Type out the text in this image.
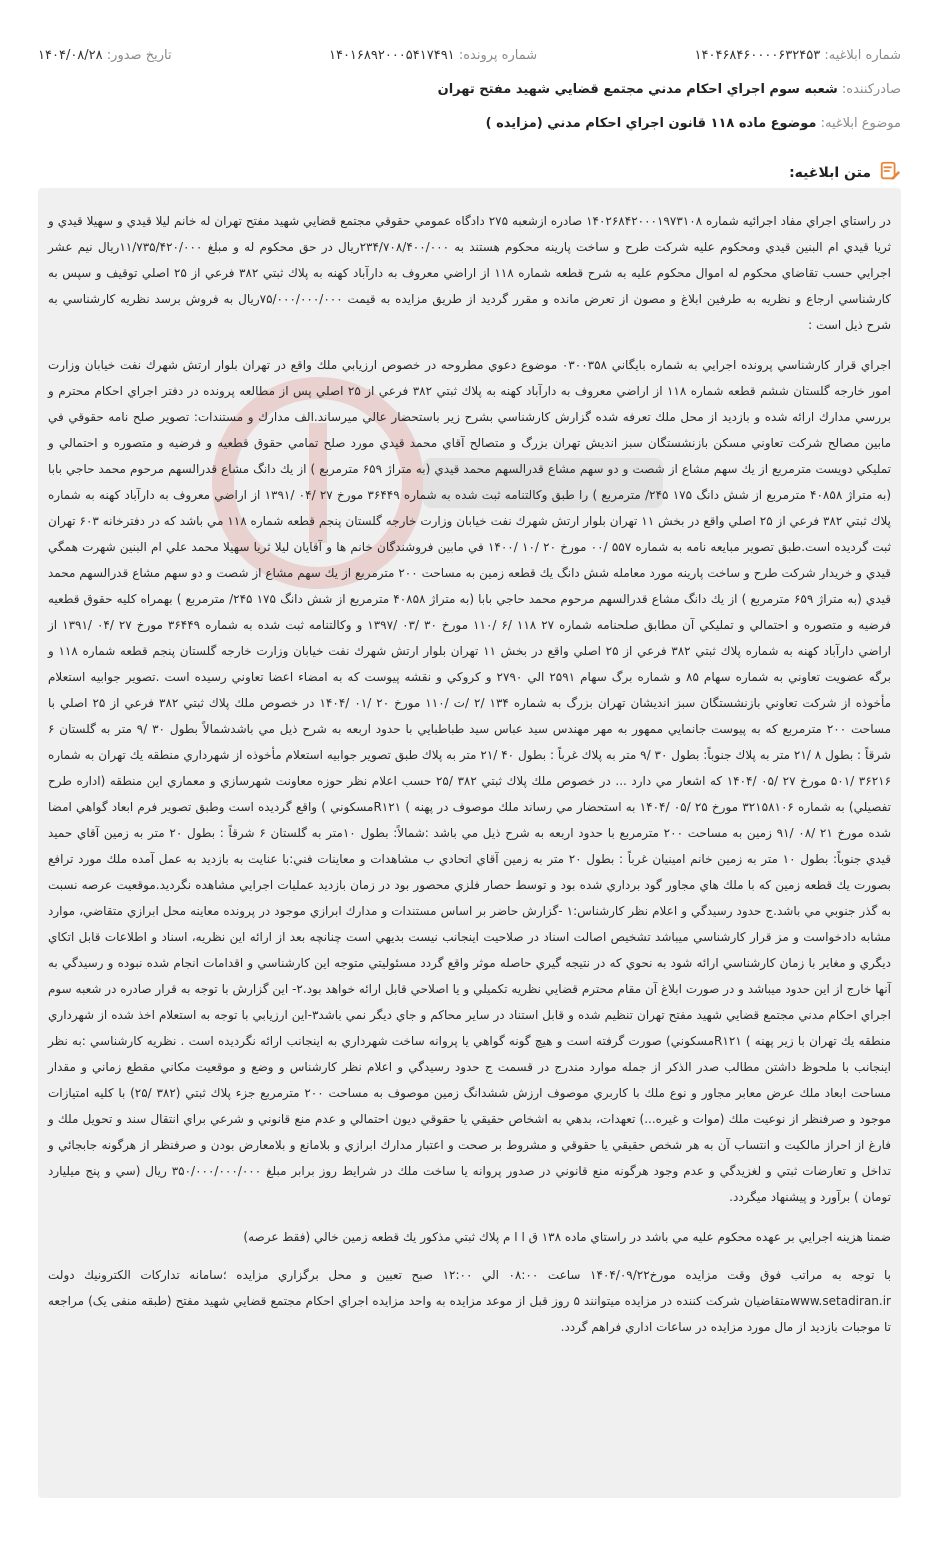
شماره ابلاغيه: ۱۴۰۴۶۸۴۶۰۰۰۰۶۳۲۴۵۳
شماره پرونده: ۱۴۰۱۶۸۹۲۰۰۰۵۴۱۷۴۹۱
تاريخ صدور: ۱۴۰۴/۰۸/۲۸
صادرکننده: شعبه سوم اجراي احكام مدني مجتمع قضايي شهيد مفتح تهران
موضوع ابلاغیه: موضوع ماده ۱۱۸ قانون اجراي احكام مدني (مزايده )
متن ابلاغیه:

در راستاي اجراي مفاد اجرائيه شماره ۱۴۰۲۶۸۴۲۰۰۰۱۹۷۳۱۰۸ صادره ازشعبه ۲۷۵ دادگاه عمومي حقوقي مجتمع قضايي شهيد مفتح تهران له خانم ليلا قيدي و سهيلا قيدي و ثريا قيدي ام البنين قيدي ومحكوم عليه شركت طرح و ساخت پارينه محكوم هستند به ۲۳۴/۷۰۸/۴۰۰/۰۰۰ريال در حق محكوم له و مبلغ ۱۱/۷۳۵/۴۲۰/۰۰۰ريال نيم عشر اجرايي حسب تقاضاي محكوم له اموال محكوم عليه به شرح قطعه شماره ۱۱۸ از اراضي معروف به دارآباد كهنه به پلاك ثبتي ۳۸۲ فرعي از ۲۵ اصلي توقيف و سپس به كارشناسي ارجاع و نظريه به طرفين ابلاغ و مصون از تعرض مانده و مقرر گرديد از طريق مزايده به قيمت ۷۵/۰۰۰/۰۰۰/۰۰۰ريال به فروش برسد نظريه كارشناسي به شرح ذيل است :

اجراي قرار كارشناسي پرونده اجرايي به شماره بايگاني ۰۳۰۰۳۵۸ موضوع دعوي مطروحه در خصوص ارزيابي ملك واقع در تهران بلوار ارتش شهرك نفت خيابان وزارت امور خارجه گلستان ششم قطعه شماره ۱۱۸ از اراضي معروف به دارآباد كهنه به پلاك ثبتي ۳۸۲ فرعي از ۲۵ اصلي پس از مطالعه پرونده در دفتر اجراي احكام محترم و بررسي مدارك ارائه شده و بازديد از محل ملك تعرفه شده گزارش كارشناسي بشرح زير باستحضار عالي ميرساند.الف مدارك و مستندات: تصوير صلح نامه حقوقي في مابين مصالح شركت تعاوني مسكن بازنشستگان سبز انديش تهران بزرگ و متصالح آقاي محمد قيدي مورد صلح تمامي حقوق قطعيه و فرضيه و متصوره و احتمالي و تمليكي دويست مترمربع از يك سهم مشاع از شصت و دو سهم مشاع قدرالسهم محمد قيدي (به متراژ ۶۵۹ مترمربع ) از يك دانگ مشاع قدرالسهم مرحوم محمد حاجي بابا (به متراژ ۴۰۸۵۸ مترمربع از شش دانگ ۱۷۵ ۲۴۵/ مترمربع ) را طبق وكالتنامه ثبت شده به شماره ۳۶۴۴۹ مورخ ۲۷ /۰۴ /۱۳۹۱ از اراضي معروف به دارآباد كهنه به شماره پلاك ثبتي ۳۸۲ فرعي از ۲۵ اصلي واقع در بخش ۱۱ تهران بلوار ارتش شهرك نفت خيابان وزارت خارجه گلستان پنجم قطعه شماره ۱۱۸ مي باشد كه در دفترخانه ۶۰۳ تهران ثبت گرديده است.طبق تصوير مبايعه نامه به شماره ۵۵۷ /۰۰ مورخ ۲۰ /۱۰ /۱۴۰۰ في مابين فروشندگان خانم ها و آقايان ليلا ثريا سهيلا محمد علي ام البنين شهرت همگي قيدي و خريدار شركت طرح و ساخت پارينه مورد معامله شش دانگ يك قطعه زمين به مساحت ۲۰۰ مترمربع از يك سهم مشاع از شصت و دو سهم مشاع قدرالسهم محمد قيدي (به متراژ ۶۵۹ مترمربع ) از يك دانگ مشاع قدرالسهم مرحوم محمد حاجي بابا (به متراژ ۴۰۸۵۸ مترمربع از شش دانگ ۱۷۵ ۲۴۵/ مترمربع ) بهمراه كليه حقوق قطعيه فرضيه و متصوره و احتمالي و تمليكي آن مطابق صلحنامه شماره ۲۷ ۱۱۸ /۶ /۱۱۰ مورخ ۳۰ /۰۳ /۱۳۹۷ و وكالتنامه ثبت شده به شماره ۳۶۴۴۹ مورخ ۲۷ /۰۴ /۱۳۹۱ از اراضي دارآباد كهنه به شماره پلاك ثبتي ۳۸۲ فرعي از ۲۵ اصلي واقع در بخش ۱۱ تهران بلوار ارتش شهرك نفت خيابان وزارت خارجه گلستان پنجم قطعه شماره ۱۱۸ و برگه عضويت تعاوني به شماره سهام ۸۵ و شماره برگ سهام ۲۵۹۱ الي ۲۷۹۰ و كروكي و نقشه پيوست كه به امضاء اعضا تعاوني رسيده است .تصوير جوابيه استعلام مأخوذه از شركت تعاوني بازنشستگان سبز انديشان تهران بزرگ به شماره ۱۳۴ /۲ /ت /۱۱۰ مورخ ۲۰ /۰۱ /۱۴۰۴ در خصوص ملك پلاك ثبتي ۳۸۲ فرعي از ۲۵ اصلي با مساحت ۲۰۰ مترمربع كه به پيوست جانمايي ممهور به مهر مهندس سيد عباس سيد طباطبايي با حدود اربعه به شرح ذيل مي باشدشمالاً بطول ۳۰ /۹ متر به گلستان ۶ شرقاً : بطول ۸ /۲۱ متر به پلاك جنوباً: بطول ۳۰ /۹ متر به پلاك غرباً : بطول ۴۰ /۲۱ متر به پلاك طبق تصوير جوابيه استعلام مأخوذه از شهرداري منطقه يك تهران به شماره ۳۶۲۱۶ /۵۰۱ مورخ ۲۷ /۰۵ /۱۴۰۴ كه اشعار مي دارد ... در خصوص ملك پلاك ثبتي ۳۸۲ /۲۵ حسب اعلام نظر حوزه معاونت شهرسازي و معماري اين منطقه (اداره طرح تفصيلي) به شماره ۳۲۱۵۸۱۰۶ مورخ ۲۵ /۰۵ /۱۴۰۴ به استحضار مي رساند ملك موصوف در پهنه ) R۱۲۱مسكوني ) واقع گرديده است وطبق تصوير فرم ابعاد گواهي امضا شده مورخ ۲۱ /۰۸ /۹۱ زمين به مساحت ۲۰۰ مترمربع با حدود اربعه به شرح ذيل مي باشد :شمالاً: بطول ۱۰متر به گلستان ۶ شرقاً : بطول ۲۰ متر به زمين آقاي حميد قيدي جنوباً: بطول ۱۰ متر به زمين خانم امينيان غرباً : بطول ۲۰ متر به زمين آقاي اتحادي ب مشاهدات و معاينات فني:با عنايت به بازديد به عمل آمده ملك مورد ترافع بصورت يك قطعه زمين كه با ملك هاي مجاور گود برداري شده بود و توسط حصار فلزي محصور بود در زمان بازديد عمليات اجرايي مشاهده نگرديد.موقعيت عرصه نسبت به گذر جنوبي مي باشد.ج حدود رسيدگي و اعلام نظر كارشناس:۱ -گزارش حاضر بر اساس مستندات و مدارك ابرازي موجود در پرونده معاينه محل ابرازي متقاضي، موارد مشابه دادخواست و مز قرار كارشناسي ميباشد تشخيص اصالت اسناد در صلاحيت اينجانب نيست بديهي است چنانچه بعد از ارائه اين نظريه، اسناد و اطلاعات قابل اتكاي ديگري و مغاير با زمان كارشناسي ارائه شود به نحوي كه در نتيجه گيري حاصله موثر واقع گردد مسئوليتي متوجه اين كارشناسي و اقدامات انجام شده نبوده و رسيدگي به آنها خارج از اين حدود ميباشد و در صورت ابلاغ آن مقام محترم قضايي نظريه تكميلي و يا اصلاحي قابل ارائه خواهد بود.۲- اين گزارش با توجه به قرار صادره در شعبه سوم اجراي احكام مدني مجتمع قضايي شهيد مفتح تهران تنظيم شده و قابل استناد در ساير محاكم و جاي ديگر نمي باشد۳-اين ارزيابي با توجه به استعلام اخذ شده از شهرداري منطقه يك تهران با زير پهنه ) R۱۲۱مسكوني) صورت گرفته است و هيچ گونه گواهي يا پروانه ساخت شهرداري به اينجانب ارائه نگرديده است . نظريه كارشناسي :به نظر اينجانب با ملحوظ داشتن مطالب صدر الذكر از جمله موارد مندرج در قسمت ج حدود رسيدگي و اعلام نظر كارشناس و وضع و موقعيت مكاني مقطع زماني و مقدار مساحت ابعاد ملك عرض معابر مجاور و نوع ملك با كاربري موصوف ارزش ششدانگ زمين موصوف به مساحت ۲۰۰ مترمربع جزء پلاك ثبتي (۳۸۲ /۲۵) با كليه امتيازات موجود و صرفنظر از نوعيت ملك (موات و غيره...) تعهدات، بدهي به اشخاص حقيقي يا حقوقي ديون احتمالي و عدم منع قانوني و شرعي براي انتقال سند و تحويل ملك و فارغ از احراز مالكيت و انتساب آن به هر شخص حقيقي يا حقوقي و مشروط بر صحت و اعتبار مدارك ابرازي و بلامانع و بلامعارض بودن و صرفنظر از هرگونه جابجائي و تداخل و تعارضات ثبتي و لغزيدگي و عدم وجود هرگونه منع قانوني در صدور پروانه يا ساخت ملك در شرايط روز برابر مبلغ ۳۵۰/۰۰۰/۰۰۰/۰۰۰ ريال (سي و پنج ميليارد تومان ) برآورد و پيشنهاد ميگردد.

ضمنا هزينه اجرايي بر عهده محكوم عليه مي باشد در راستاي ماده ۱۳۸ ق ا ا م پلاك ثبتي مذكور يك قطعه زمين خالي (فقط عرصه)

با توجه به مراتب فوق وقت مزايده مورخ۱۴۰۴/۰۹/۲۲ ساعت ۰۸:۰۰ الي ۱۲:۰۰ صبح تعيين و محل برگزاري مزايده ؛سامانه تداركات الكترونيك دولت www.setadiran.irمتقاضيان شركت كننده در مزايده ميتوانند ۵ روز قبل از موعد مزايده به واحد مزايده اجراي احكام مجتمع قضايي شهيد مفتح (طبقه منفی یک) مراجعه تا موجبات بازديد از مال مورد مزايده در ساعات اداري فراهم گردد.
